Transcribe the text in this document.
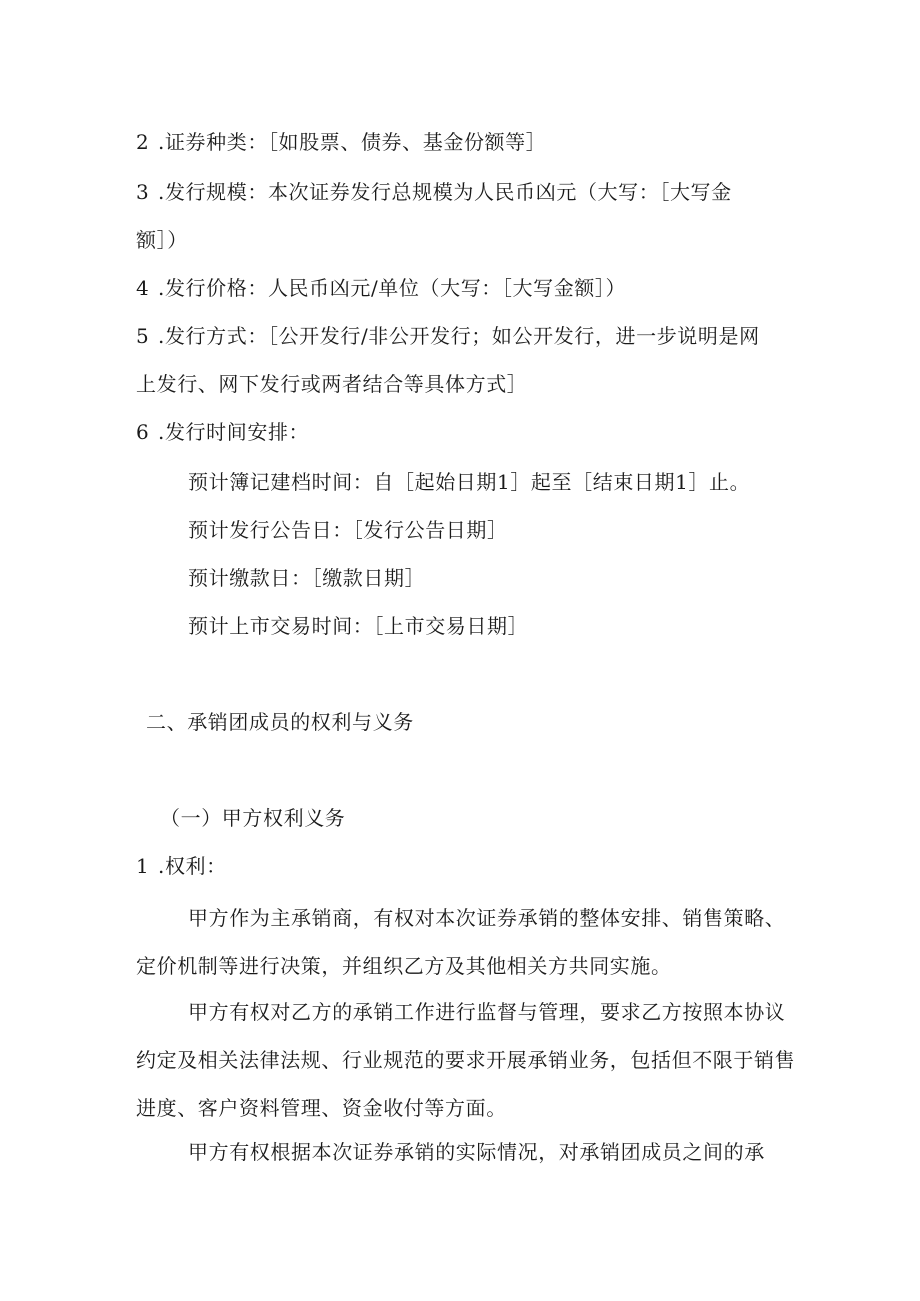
2 .证券种类：［如股票、债券、基金份额等］
3 .发行规模：本次证券发行总规模为人民币凶元（大写：［大写金
额］）
4 .发行价格：人民币凶元/单位（大写：［大写金额］）
5 .发行方式：［公开发行/非公开发行；如公开发行，进一步说明是网
上发行、网下发行或两者结合等具体方式］
6 .发行时间安排：
预计簿记建档时间：自［起始日期1］起至［结束日期1］止。
预计发行公告日：［发行公告日期］
预计缴款日：［缴款日期］
预计上市交易时间：［上市交易日期］
二、承销团成员的权利与义务
（一）甲方权利义务
1 .权利：
甲方作为主承销商，有权对本次证券承销的整体安排、销售策略、
定价机制等进行决策，并组织乙方及其他相关方共同实施。
甲方有权对乙方的承销工作进行监督与管理，要求乙方按照本协议
约定及相关法律法规、行业规范的要求开展承销业务，包括但不限于销售
进度、客户资料管理、资金收付等方面。
甲方有权根据本次证券承销的实际情况，对承销团成员之间的承
